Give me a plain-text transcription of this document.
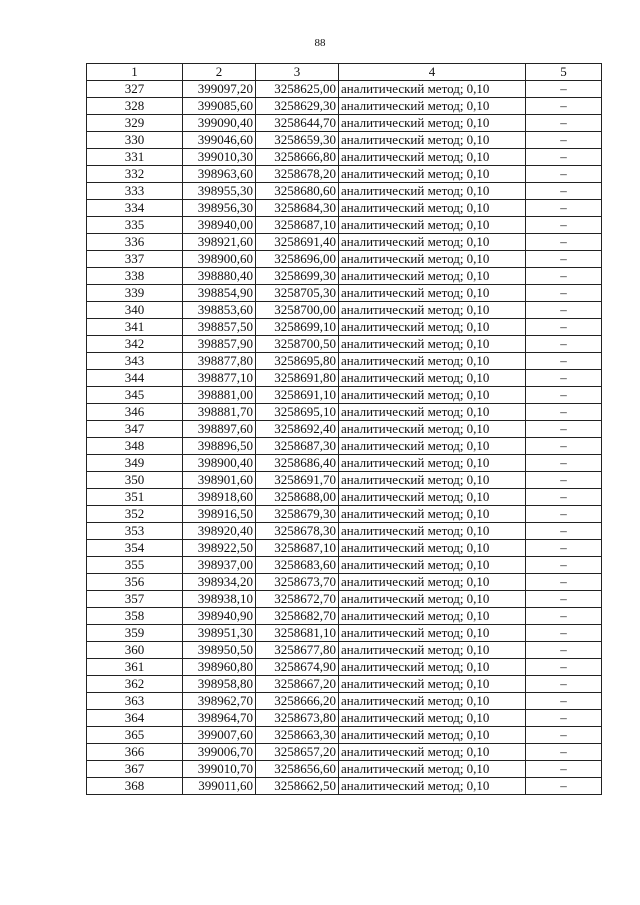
88
1	2	3	4	5
327	399097,20	3258625,00	аналитический метод; 0,10	–
328	399085,60	3258629,30	аналитический метод; 0,10	–
329	399090,40	3258644,70	аналитический метод; 0,10	–
330	399046,60	3258659,30	аналитический метод; 0,10	–
331	399010,30	3258666,80	аналитический метод; 0,10	–
332	398963,60	3258678,20	аналитический метод; 0,10	–
333	398955,30	3258680,60	аналитический метод; 0,10	–
334	398956,30	3258684,30	аналитический метод; 0,10	–
335	398940,00	3258687,10	аналитический метод; 0,10	–
336	398921,60	3258691,40	аналитический метод; 0,10	–
337	398900,60	3258696,00	аналитический метод; 0,10	–
338	398880,40	3258699,30	аналитический метод; 0,10	–
339	398854,90	3258705,30	аналитический метод; 0,10	–
340	398853,60	3258700,00	аналитический метод; 0,10	–
341	398857,50	3258699,10	аналитический метод; 0,10	–
342	398857,90	3258700,50	аналитический метод; 0,10	–
343	398877,80	3258695,80	аналитический метод; 0,10	–
344	398877,10	3258691,80	аналитический метод; 0,10	–
345	398881,00	3258691,10	аналитический метод; 0,10	–
346	398881,70	3258695,10	аналитический метод; 0,10	–
347	398897,60	3258692,40	аналитический метод; 0,10	–
348	398896,50	3258687,30	аналитический метод; 0,10	–
349	398900,40	3258686,40	аналитический метод; 0,10	–
350	398901,60	3258691,70	аналитический метод; 0,10	–
351	398918,60	3258688,00	аналитический метод; 0,10	–
352	398916,50	3258679,30	аналитический метод; 0,10	–
353	398920,40	3258678,30	аналитический метод; 0,10	–
354	398922,50	3258687,10	аналитический метод; 0,10	–
355	398937,00	3258683,60	аналитический метод; 0,10	–
356	398934,20	3258673,70	аналитический метод; 0,10	–
357	398938,10	3258672,70	аналитический метод; 0,10	–
358	398940,90	3258682,70	аналитический метод; 0,10	–
359	398951,30	3258681,10	аналитический метод; 0,10	–
360	398950,50	3258677,80	аналитический метод; 0,10	–
361	398960,80	3258674,90	аналитический метод; 0,10	–
362	398958,80	3258667,20	аналитический метод; 0,10	–
363	398962,70	3258666,20	аналитический метод; 0,10	–
364	398964,70	3258673,80	аналитический метод; 0,10	–
365	399007,60	3258663,30	аналитический метод; 0,10	–
366	399006,70	3258657,20	аналитический метод; 0,10	–
367	399010,70	3258656,60	аналитический метод; 0,10	–
368	399011,60	3258662,50	аналитический метод; 0,10	–
